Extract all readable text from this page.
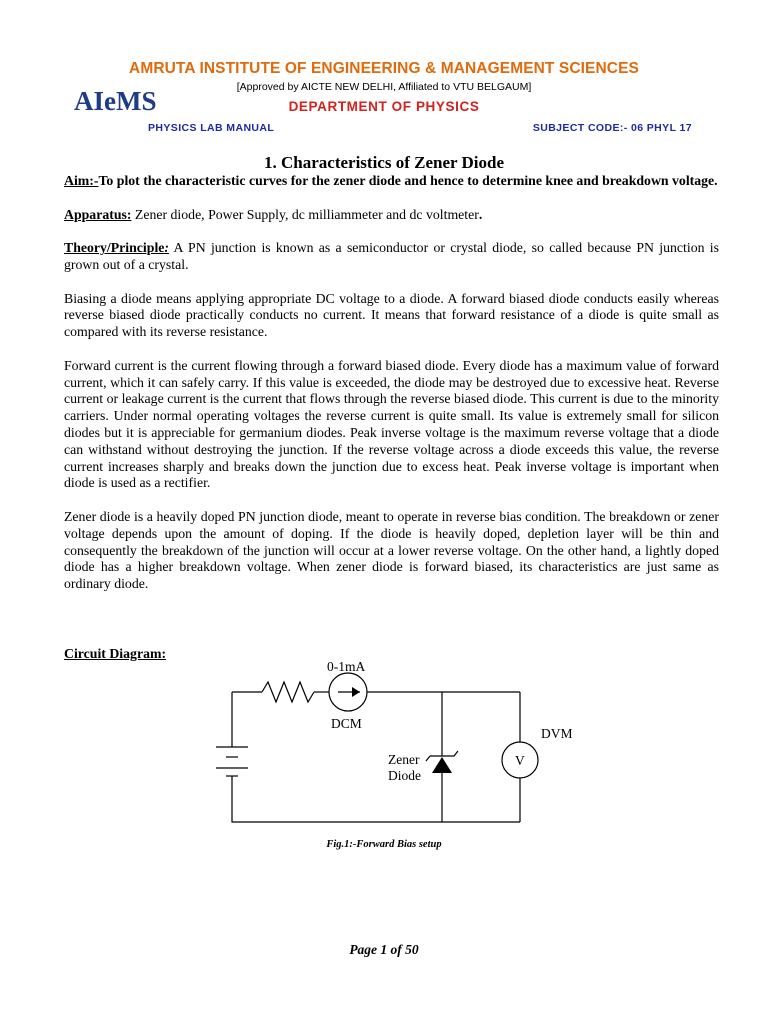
AMRUTA INSTITUTE OF ENGINEERING & MANAGEMENT SCIENCES
[Approved by AICTE NEW DELHI, Affiliated to VTU BELGAUM]
DEPARTMENT OF PHYSICS
AIeMS
PHYSICS LAB MANUAL	SUBJECT CODE:- 06 PHYL 17
1. Characteristics of Zener Diode

Aim:-To plot the characteristic curves for the zener diode and hence to determine knee and breakdown voltage.

Apparatus: Zener diode, Power Supply, dc milliammeter and dc voltmeter.

Theory/Principle: A PN junction is known as a semiconductor or crystal diode, so called because PN junction is grown out of a crystal.

Biasing a diode means applying appropriate DC voltage to a diode. A forward biased diode conducts easily whereas reverse biased diode practically conducts no current. It means that forward resistance of a diode is quite small as compared with its reverse resistance.

Forward current is the current flowing through a forward biased diode. Every diode has a maximum value of forward current, which it can safely carry. If this value is exceeded, the diode may be destroyed due to excessive heat. Reverse current or leakage current is the current that flows through the reverse biased diode. This current is due to the minority carriers. Under normal operating voltages the reverse current is quite small. Its value is extremely small for silicon diodes but it is appreciable for germanium diodes. Peak inverse voltage is the maximum reverse voltage that a diode can withstand without destroying the junction. If the reverse voltage across a diode exceeds this value, the reverse current increases sharply and breaks down the junction due to excess heat. Peak inverse voltage is important when diode is used as a rectifier.

Zener diode is a heavily doped PN junction diode, meant to operate in reverse bias condition. The breakdown or zener voltage depends upon the amount of doping. If the diode is heavily doped, depletion layer will be thin and consequently the breakdown of the junction will occur at a lower reverse voltage. On the other hand, a lightly doped diode has a higher breakdown voltage. When zener diode is forward biased, its characteristics are just same as ordinary diode.

Circuit Diagram:
0-1mA
DCM
DVM
V
Zener
Diode
Fig.1:-Forward Bias setup
Page 1 of 50
